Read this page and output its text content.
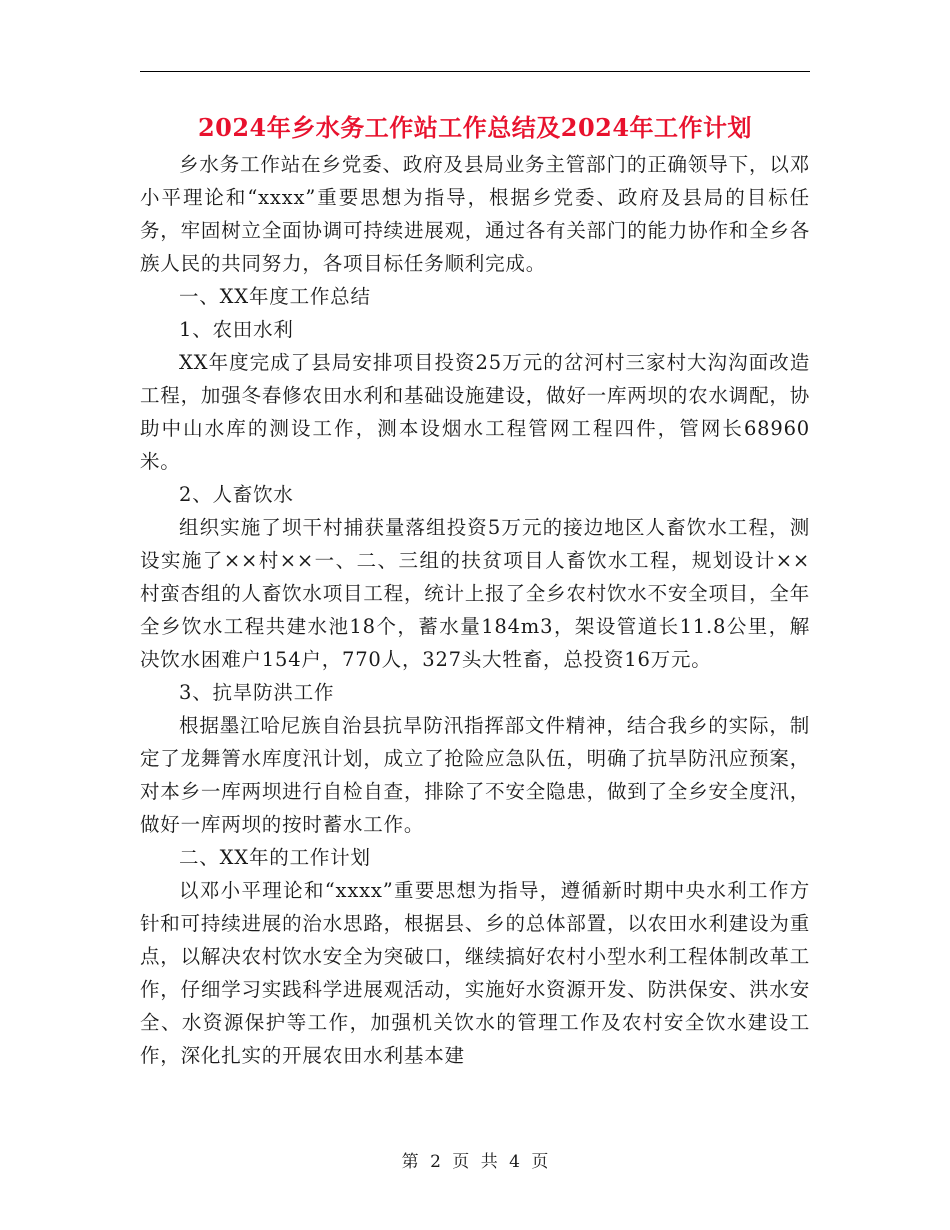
2024年乡水务工作站工作总结及2024年工作计划

乡水务工作站在乡党委、政府及县局业务主管部门的正确领导下，以邓小平理论和“xxxx”重要思想为指导，根据乡党委、政府及县局的目标任务，牢固树立全面协调可持续进展观，通过各有关部门的能力协作和全乡各族人民的共同努力，各项目标任务顺利完成。

一、XX年度工作总结

1、农田水利

XX年度完成了县局安排项目投资25万元的岔河村三家村大沟沟面改造工程，加强冬春修农田水利和基础设施建设，做好一库两坝的农水调配，协助中山水库的测设工作，测本设烟水工程管网工程四件，管网长68960米。

2、人畜饮水

组织实施了坝干村捕获量落组投资5万元的接边地区人畜饮水工程，测设实施了××村××一、二、三组的扶贫项目人畜饮水工程，规划设计××村蛮杏组的人畜饮水项目工程，统计上报了全乡农村饮水不安全项目，全年全乡饮水工程共建水池18个，蓄水量184m3，架设管道长11.8公里，解决饮水困难户154户，770人，327头大牲畜，总投资16万元。

3、抗旱防洪工作

根据墨江哈尼族自治县抗旱防汛指挥部文件精神，结合我乡的实际，制定了龙舞箐水库度汛计划，成立了抢险应急队伍，明确了抗旱防汛应预案，对本乡一库两坝进行自检自查，排除了不安全隐患，做到了全乡安全度汛，做好一库两坝的按时蓄水工作。

二、XX年的工作计划

以邓小平理论和“xxxx”重要思想为指导，遵循新时期中央水利工作方针和可持续进展的治水思路，根据县、乡的总体部置，以农田水利建设为重点，以解决农村饮水安全为突破口，继续搞好农村小型水利工程体制改革工作，仔细学习实践科学进展观活动，实施好水资源开发、防洪保安、洪水安全、水资源保护等工作，加强机关饮水的管理工作及农村安全饮水建设工作，深化扎实的开展农田水利基本建

第 2 页 共 4 页
